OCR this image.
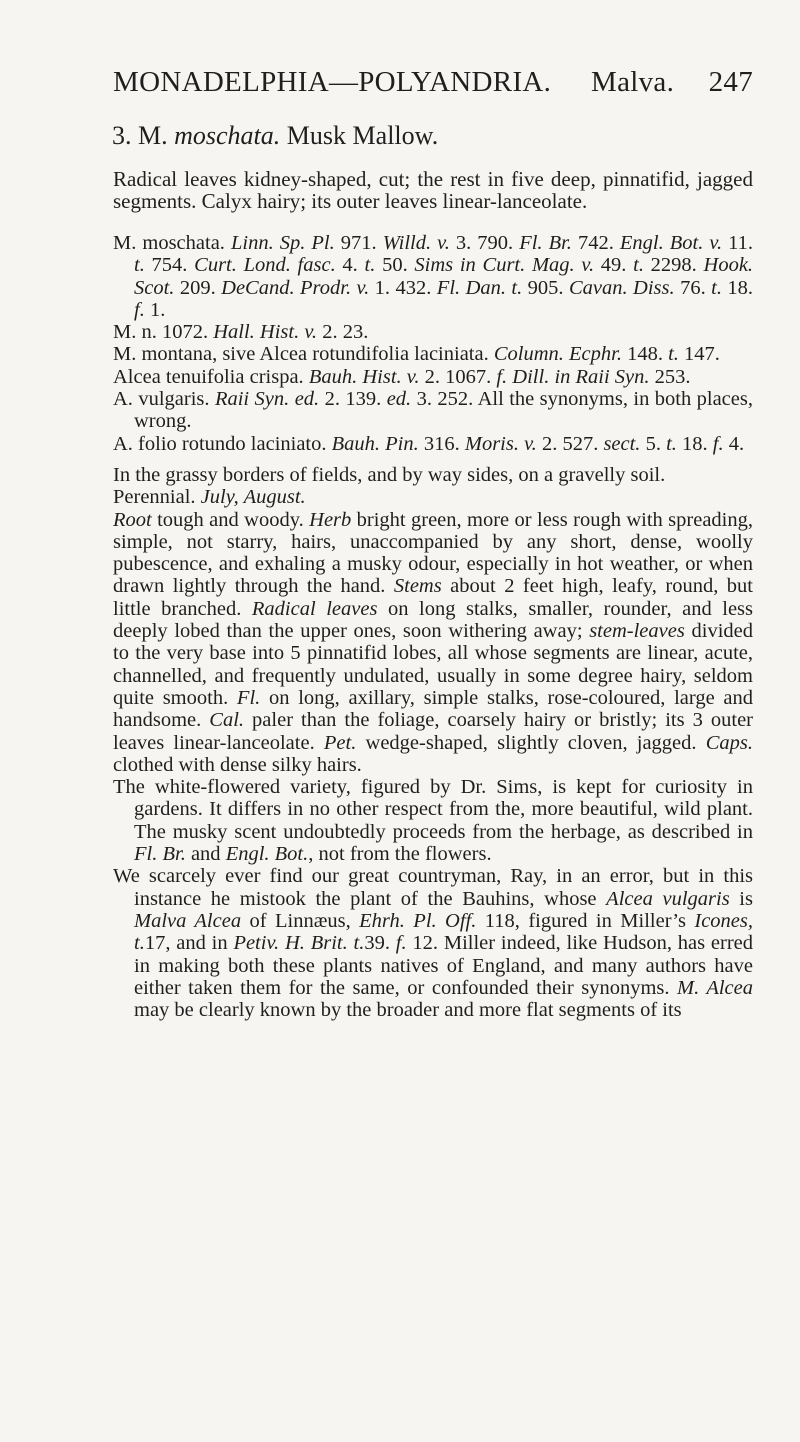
MONADELPHIA—POLYANDRIA. Malva. 247
3. M. moschata. Musk Mallow.

Radical leaves kidney-shaped, cut; the rest in five deep, pinnatifid, jagged segments. Calyx hairy; its outer leaves linear-lanceolate.

M. moschata. Linn. Sp. Pl. 971. Willd. v. 3. 790. Fl. Br. 742. Engl. Bot. v. 11. t. 754. Curt. Lond. fasc. 4. t. 50. Sims in Curt. Mag. v. 49. t. 2298. Hook. Scot. 209. DeCand. Prodr. v. 1. 432. Fl. Dan. t. 905. Cavan. Diss. 76. t. 18. f. 1.

M. n. 1072. Hall. Hist. v. 2. 23.

M. montana, sive Alcea rotundifolia laciniata. Column. Ecphr. 148. t. 147.

Alcea tenuifolia crispa. Bauh. Hist. v. 2. 1067. f. Dill. in Raii Syn. 253.

A. vulgaris. Raii Syn. ed. 2. 139. ed. 3. 252. All the synonyms, in both places, wrong.

A. folio rotundo laciniato. Bauh. Pin. 316. Moris. v. 2. 527. sect. 5. t. 18. f. 4.

In the grassy borders of fields, and by way sides, on a gravelly soil.

Perennial. July, August.

Root tough and woody. Herb bright green, more or less rough with spreading, simple, not starry, hairs, unaccompanied by any short, dense, woolly pubescence, and exhaling a musky odour, especially in hot weather, or when drawn lightly through the hand. Stems about 2 feet high, leafy, round, but little branched. Radical leaves on long stalks, smaller, rounder, and less deeply lobed than the upper ones, soon withering away; stem-leaves divided to the very base into 5 pinnatifid lobes, all whose segments are linear, acute, channelled, and frequently undulated, usually in some degree hairy, seldom quite smooth. Fl. on long, axillary, simple stalks, rose-coloured, large and handsome. Cal. paler than the foliage, coarsely hairy or bristly; its 3 outer leaves linear-lanceolate. Pet. wedge-shaped, slightly cloven, jagged. Caps. clothed with dense silky hairs.

The white-flowered variety, figured by Dr. Sims, is kept for curiosity in gardens. It differs in no other respect from the, more beautiful, wild plant. The musky scent undoubtedly proceeds from the herbage, as described in Fl. Br. and Engl. Bot., not from the flowers.

We scarcely ever find our great countryman, Ray, in an error, but in this instance he mistook the plant of the Bauhins, whose Alcea vulgaris is Malva Alcea of Linnæus, Ehrh. Pl. Off. 118, figured in Miller’s Icones, t.17, and in Petiv. H. Brit. t.39. f. 12. Miller indeed, like Hudson, has erred in making both these plants natives of England, and many authors have either taken them for the same, or confounded their synonyms. M. Alcea may be clearly known by the broader and more flat segments of its
